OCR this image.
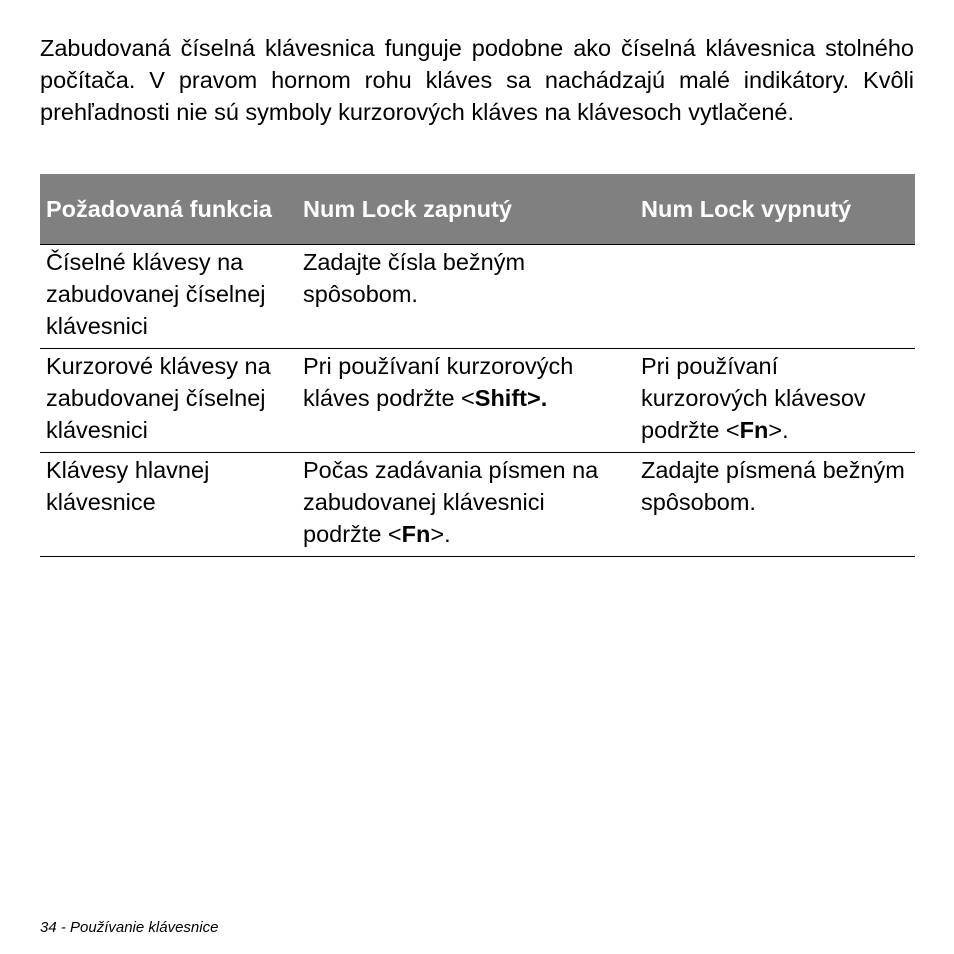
Zabudovaná číselná klávesnica funguje podobne ako číselná klávesnica stolného počítača. V pravom hornom rohu kláves sa nachádzajú malé indikátory. Kvôli prehľadnosti nie sú symboly kurzorových kláves na klávesoch vytlačené.

Požadovaná funkcia	Num Lock zapnutý	Num Lock vypnutý
Číselné klávesy na zabudovanej číselnej klávesnici	Zadajte čísla bežným spôsobom.	
Kurzorové klávesy na zabudovanej číselnej klávesnici	Pri používaní kurzorových kláves podržte <Shift>.	Pri používaní kurzorových klávesov podržte <Fn>.
Klávesy hlavnej klávesnice	Počas zadávania písmen na zabudovanej klávesnici podržte <Fn>.	Zadajte písmená bežným spôsobom.
34 - Používanie klávesnice
